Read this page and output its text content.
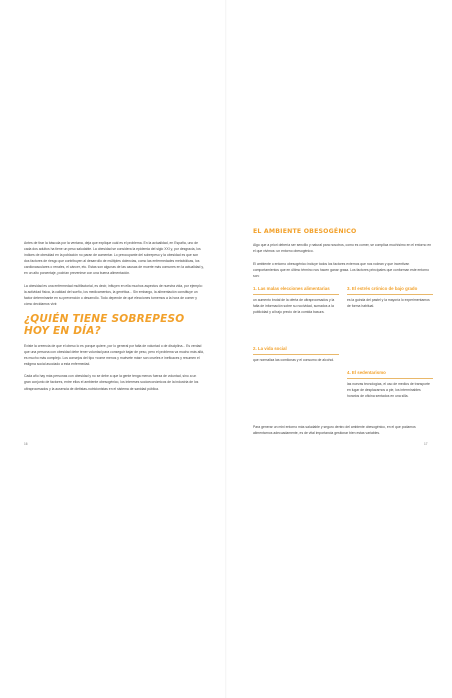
Antes de tirar la báscula por la ventana, deja que explique cuál es el problema. En la actualidad, en España, uno de cada dos adultos ha tiene un peso saludable. La obesidad se considera la epidemia del siglo XXI y, por desgracia, los índices de obesidad en la población no paran de aumentar. Lo preocupante del sobrepeso y la obesidad es que son dos factores de riesgo que contribuyen al desarrollo de múltiples dolencias, como las enfermedades metabólicas, los cardiovasculares o renales, el cáncer, etc. Estas son algunas de las causas de muerte más comunes en la actualidad y, en un alto porcentaje, podrían prevenirse con una buena alimentación.

La obesidad es una enfermedad multifactorial, es decir, influyen en ella muchos aspectos de nuestra vida, por ejemplo: la actividad física, la calidad del sueño, los medicamentos, la genética... Sin embargo, la alimentación constituye un factor determinante en su prevención o desarrollo. Todo depende de qué elecciones tomemos a la hora de comer y cómo decidamos vivir.

¿QUIÉN TIENE SOBREPESO HOY EN DÍA?

Existe la creencia de que el obeso lo es porque quiere, por lo general por falta de voluntad o de disciplina... Es verdad que una persona con obesidad debe tener voluntad para conseguir bajar de peso, pero el problema va mucho más allá, es mucho más complejo. Los consejos del tipo «come menos y muévete más» son crueles e ineficaces y resumen el estigma social asociado a esta enfermedad.

Cada año hay más personas con obesidad y no se debe a que la gente tenga menos fuerza de voluntad, sino a un gran conjunto de factores, entre ellos el ambiente obesogénico, los intereses socioeconómicos de la industria de los ultraprocesados y la ausencia de dietistas-nutricionistas en el sistema de sanidad pública.

16
EL AMBIENTE OBESOGÉNICO

Algo que a priori debería ser sencillo y natural para nosotros, como es comer, se complica muchísimo en el entorno en el que vivimos: un entorno obesogénico.

El ambiente o entorno obesogénico incluye todos los factores externos que nos rodean y que incentivan comportamientos que en último término nos hacen ganar grasa. Los factores principales que conforman este entorno son:

1. Las malas elecciones alimentarias

un aumento brutal de la oferta de ultraprocesados y la falta de información sobre su nocividad, sumados a la publicidad y al bajo precio de la comida basura.

3. El estrés crónico de bajo grado

es la guinda del pastel y la mayoría lo experimentamos de forma habitual.

2. La vida social

que normaliza las comilonas y el consumo de alcohol.

4. El sedentarismo

las nuevas tecnologías, el uso de medios de transporte en lugar de desplazarnos a pie, los interminables horarios de oficina sentados en una silla.

Para generar un mini entorno más saludable y seguro dentro del ambiente obesogénico, en el que podamos alimentarnos adecuadamente, es de vital importancia gestionar bien estas variables.

17
